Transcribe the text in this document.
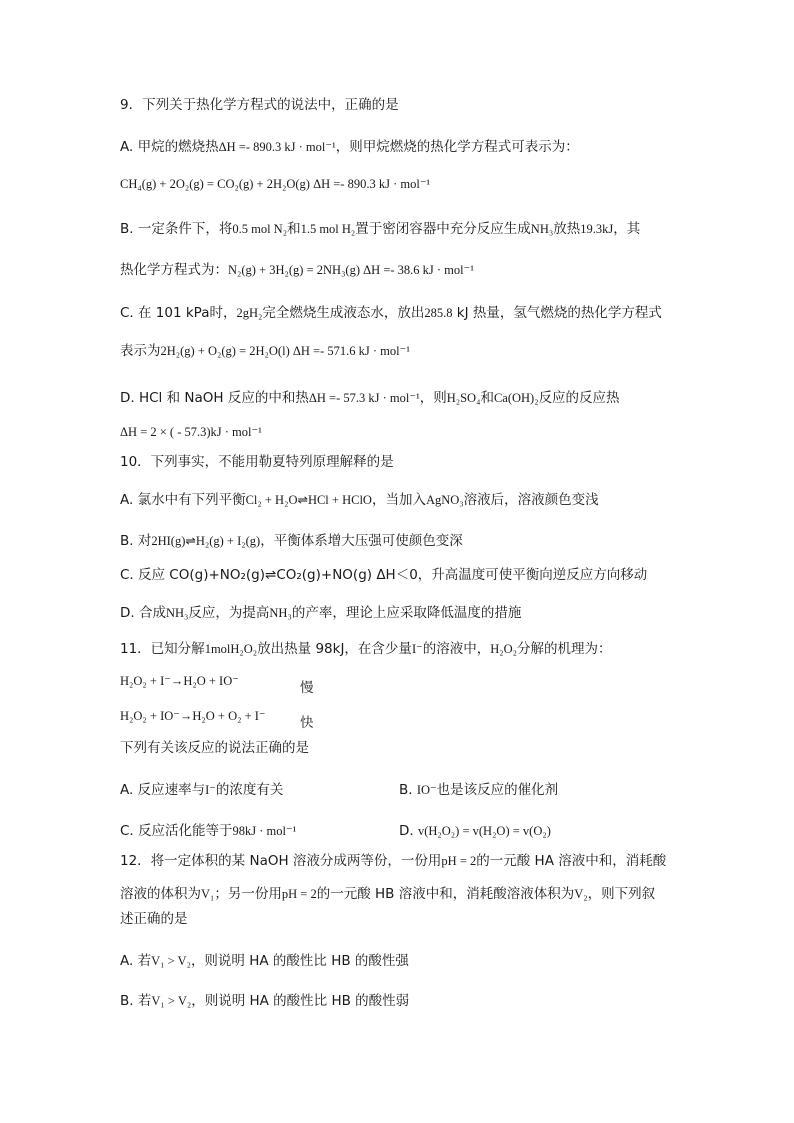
9．下列关于热化学方程式的说法中，正确的是
A. 甲烷的燃烧热ΔH =- 890.3 kJ · mol⁻¹，则甲烷燃烧的热化学方程式可表示为：
CH₄(g) + 2O₂(g) = CO₂(g) + 2H₂O(g) ΔH =- 890.3 kJ · mol⁻¹
B. 一定条件下，将0.5 mol N₂和1.5 mol H₂置于密闭容器中充分反应生成NH₃放热19.3kJ，其
热化学方程式为：N₂(g) + 3H₂(g) = 2NH₃(g) ΔH =- 38.6 kJ · mol⁻¹
C. 在 101 kPa时，2gH₂完全燃烧生成液态水，放出285.8 kJ 热量，氢气燃烧的热化学方程式
表示为2H₂(g) + O₂(g) = 2H₂O(l) ΔH =- 571.6 kJ · mol⁻¹
D. HCl 和 NaOH 反应的中和热ΔH =- 57.3 kJ · mol⁻¹，则H₂SO₄和Ca(OH)₂反应的反应热
ΔH = 2 × ( - 57.3)kJ · mol⁻¹
10．下列事实，不能用勒夏特列原理解释的是
A. 氯水中有下列平衡Cl₂ + H₂O⇌HCl + HClO，当加入AgNO₃溶液后，溶液颜色变浅
B. 对2HI(g)⇌H₂(g) + I₂(g)，平衡体系增大压强可使颜色变深
C. 反应 CO(g)+NO₂(g)⇌CO₂(g)+NO(g) ΔH＜0，升高温度可使平衡向逆反应方向移动
D. 合成NH₃反应，为提高NH₃的产率，理论上应采取降低温度的措施
11．已知分解1molH₂O₂放出热量 98kJ，在含少量I⁻的溶液中，H₂O₂分解的机理为：
H₂O₂ + I⁻→H₂O + IO⁻	慢
H₂O₂ + IO⁻→H₂O + O₂ + I⁻	快
下列有关该反应的说法正确的是
A. 反应速率与I⁻的浓度有关	B. IO⁻也是该反应的催化剂
C. 反应活化能等于98kJ · mol⁻¹	D. v(H₂O₂) = v(H₂O) = v(O₂)
12．将一定体积的某 NaOH 溶液分成两等份，一份用pH = 2的一元酸 HA 溶液中和，消耗酸
溶液的体积为V₁；另一份用pH = 2的一元酸 HB 溶液中和，消耗酸溶液体积为V₂，则下列叙
述正确的是
A. 若V₁ > V₂，则说明 HA 的酸性比 HB 的酸性强
B. 若V₁ > V₂，则说明 HA 的酸性比 HB 的酸性弱
